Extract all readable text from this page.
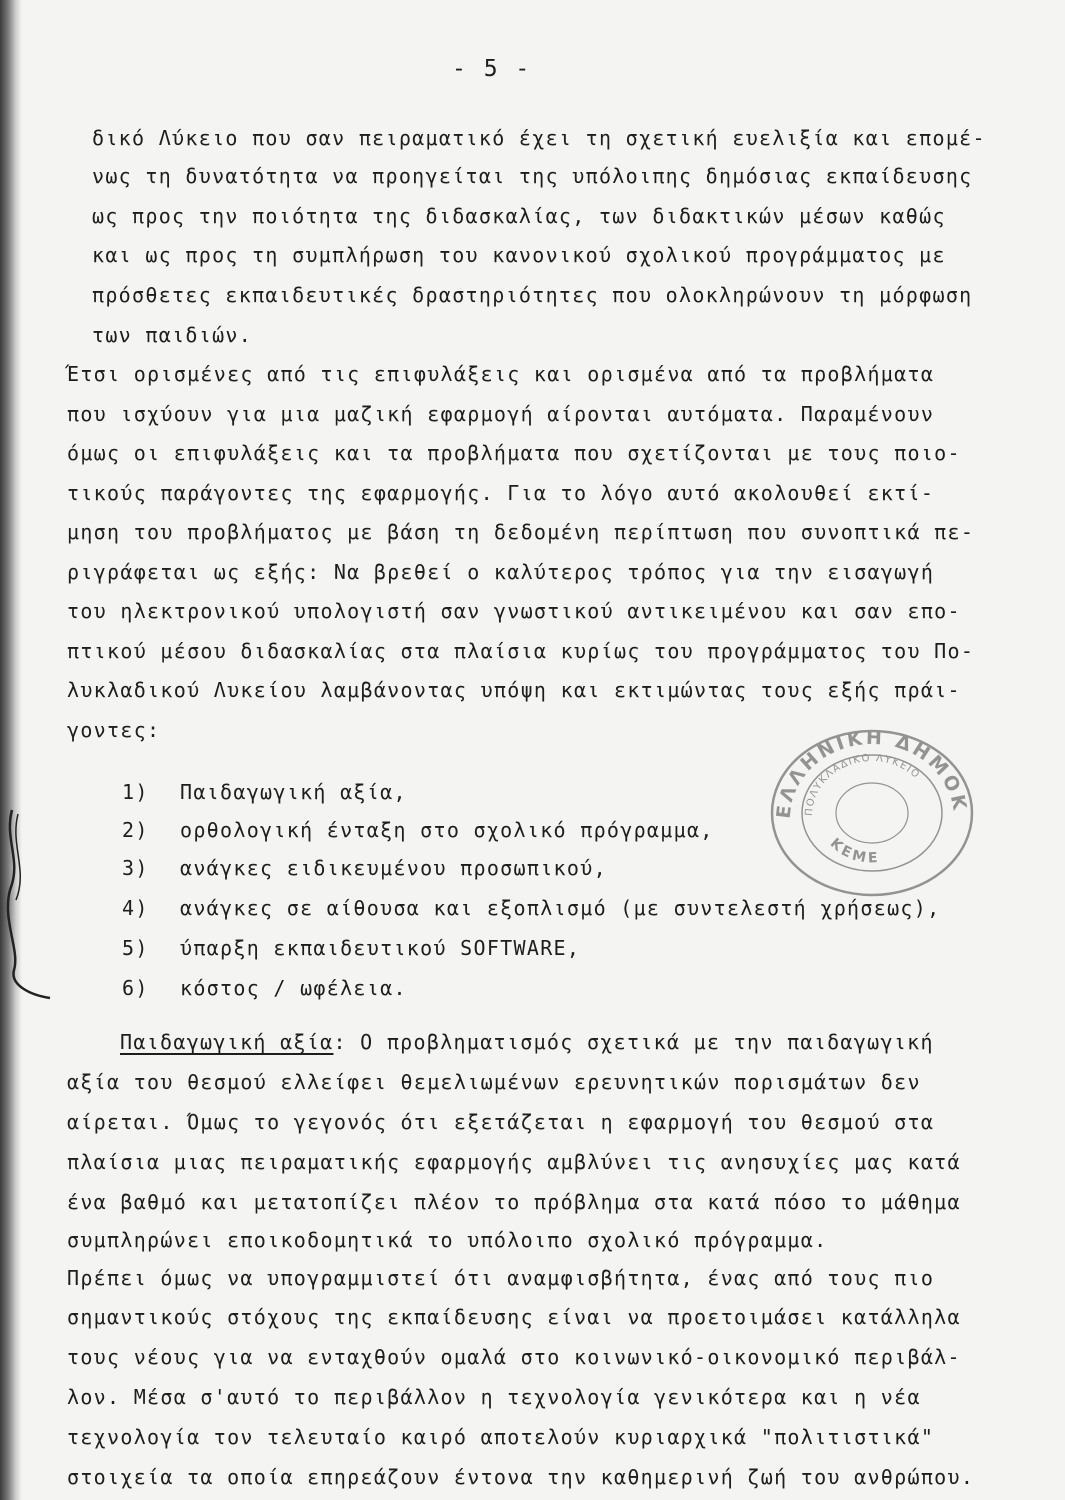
- 5 -
δικό Λύκειο που σαν πειραματικό έχει τη σχετική ευελιξία και επομέ-
νως τη δυνατότητα να προηγείται της υπόλοιπης δημόσιας εκπαίδευσης
ως προς την ποιότητα της διδασκαλίας, των διδακτικών μέσων καθώς
και ως προς τη συμπλήρωση του κανονικού σχολικού προγράμματος με
πρόσθετες εκπαιδευτικές δραστηριότητες που ολοκληρώνουν τη μόρφωση
των παιδιών.
Έτσι ορισμένες από τις επιφυλάξεις και ορισμένα από τα προβλήματα
που ισχύουν για μια μαζική εφαρμογή αίρονται αυτόματα. Παραμένουν
όμως οι επιφυλάξεις και τα προβλήματα που σχετίζονται με τους ποιο-
τικούς παράγοντες της εφαρμογής. Για το λόγο αυτό ακολουθεί εκτί-
μηση του προβλήματος με βάση τη δεδομένη περίπτωση που συνοπτικά πε-
ριγράφεται ως εξής: Να βρεθεί ο καλύτερος τρόπος για την εισαγωγή
του ηλεκτρονικού υπολογιστή σαν γνωστικού αντικειμένου και σαν επο-
πτικού μέσου διδασκαλίας στα πλαίσια κυρίως του προγράμματος του Πο-
λυκλαδικού Λυκείου λαμβάνοντας υπόψη και εκτιμώντας τους εξής πράι-
γοντες:
1) Παιδαγωγική αξία,
2) ορθολογική ένταξη στο σχολικό πρόγραμμα,
3) ανάγκες ειδικευμένου προσωπικού,
4) ανάγκες σε αίθουσα και εξοπλισμό (με συντελεστή χρήσεως),
5) ύπαρξη εκπαιδευτικού SOFTWARE,
6) κόστος / ωφέλεια.
Παιδαγωγική αξία: Ο προβληματισμός σχετικά με την παιδαγωγική
αξία του θεσμού ελλείφει θεμελιωμένων ερευνητικών πορισμάτων δεν
αίρεται. Όμως το γεγονός ότι εξετάζεται η εφαρμογή του θεσμού στα
πλαίσια μιας πειραματικής εφαρμογής αμβλύνει τις ανησυχίες μας κατά
ένα βαθμό και μετατοπίζει πλέον το πρόβλημα στα κατά πόσο το μάθημα
συμπληρώνει εποικοδομητικά το υπόλοιπο σχολικό πρόγραμμα.
Πρέπει όμως να υπογραμμιστεί ότι αναμφισβήτητα, ένας από τους πιο
σημαντικούς στόχους της εκπαίδευσης είναι να προετοιμάσει κατάλληλα
τους νέους για να ενταχθούν ομαλά στο κοινωνικό-οικονομικό περιβάλ-
λον. Μέσα σ'αυτό το περιβάλλον η τεχνολογία γενικότερα και η νέα
τεχνολογία τον τελευταίο καιρό αποτελούν κυριαρχικά "πολιτιστικά"
στοιχεία τα οποία επηρεάζουν έντονα την καθημερινή ζωή του ανθρώπου.
ΕΛΛΗΝΙΚΗ ΔΗΜΟΚ
ΠΟΛΥΚΛΑΔΙΚΟ ΛΥΚΕΙΟ
ΚΕΜΕ
